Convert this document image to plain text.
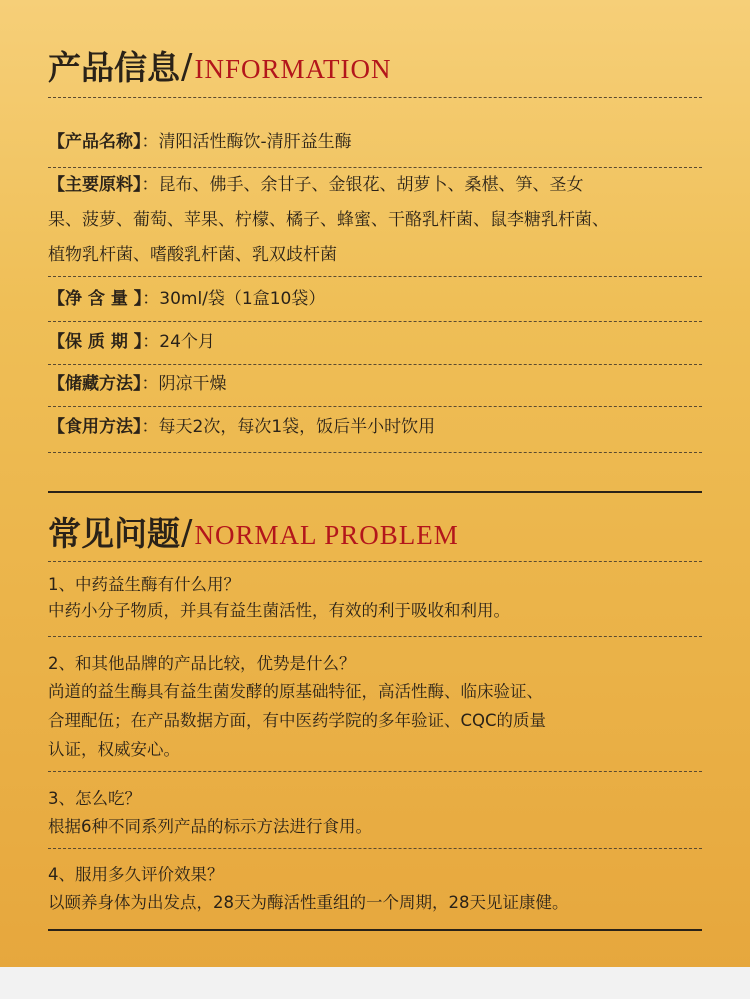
产品信息 / INFORMATION
【产品名称】：清阳活性酶饮-清肝益生酶
【主要原料】：昆布、佛手、余甘子、金银花、胡萝卜、桑椹、笋、圣女
果、菠萝、葡萄、苹果、柠檬、橘子、蜂蜜、干酪乳杆菌、鼠李糖乳杆菌、
植物乳杆菌、嗜酸乳杆菌、乳双歧杆菌
【净 含 量 】：30ml/袋（1盒10袋）
【保 质 期 】：24个月
【储藏方法】：阴凉干燥
【食用方法】：每天2次，每次1袋，饭后半小时饮用
常见问题 / NORMAL PROBLEM
1、中药益生酶有什么用？
中药小分子物质，并具有益生菌活性，有效的利于吸收和利用。
2、和其他品牌的产品比较，优势是什么？
尚道的益生酶具有益生菌发酵的原基础特征，高活性酶、临床验证、
合理配伍；在产品数据方面，有中医药学院的多年验证、CQC的质量
认证，权威安心。
3、怎么吃？
根据6种不同系列产品的标示方法进行食用。
4、服用多久评价效果？
以颐养身体为出发点，28天为酶活性重组的一个周期，28天见证康健。
